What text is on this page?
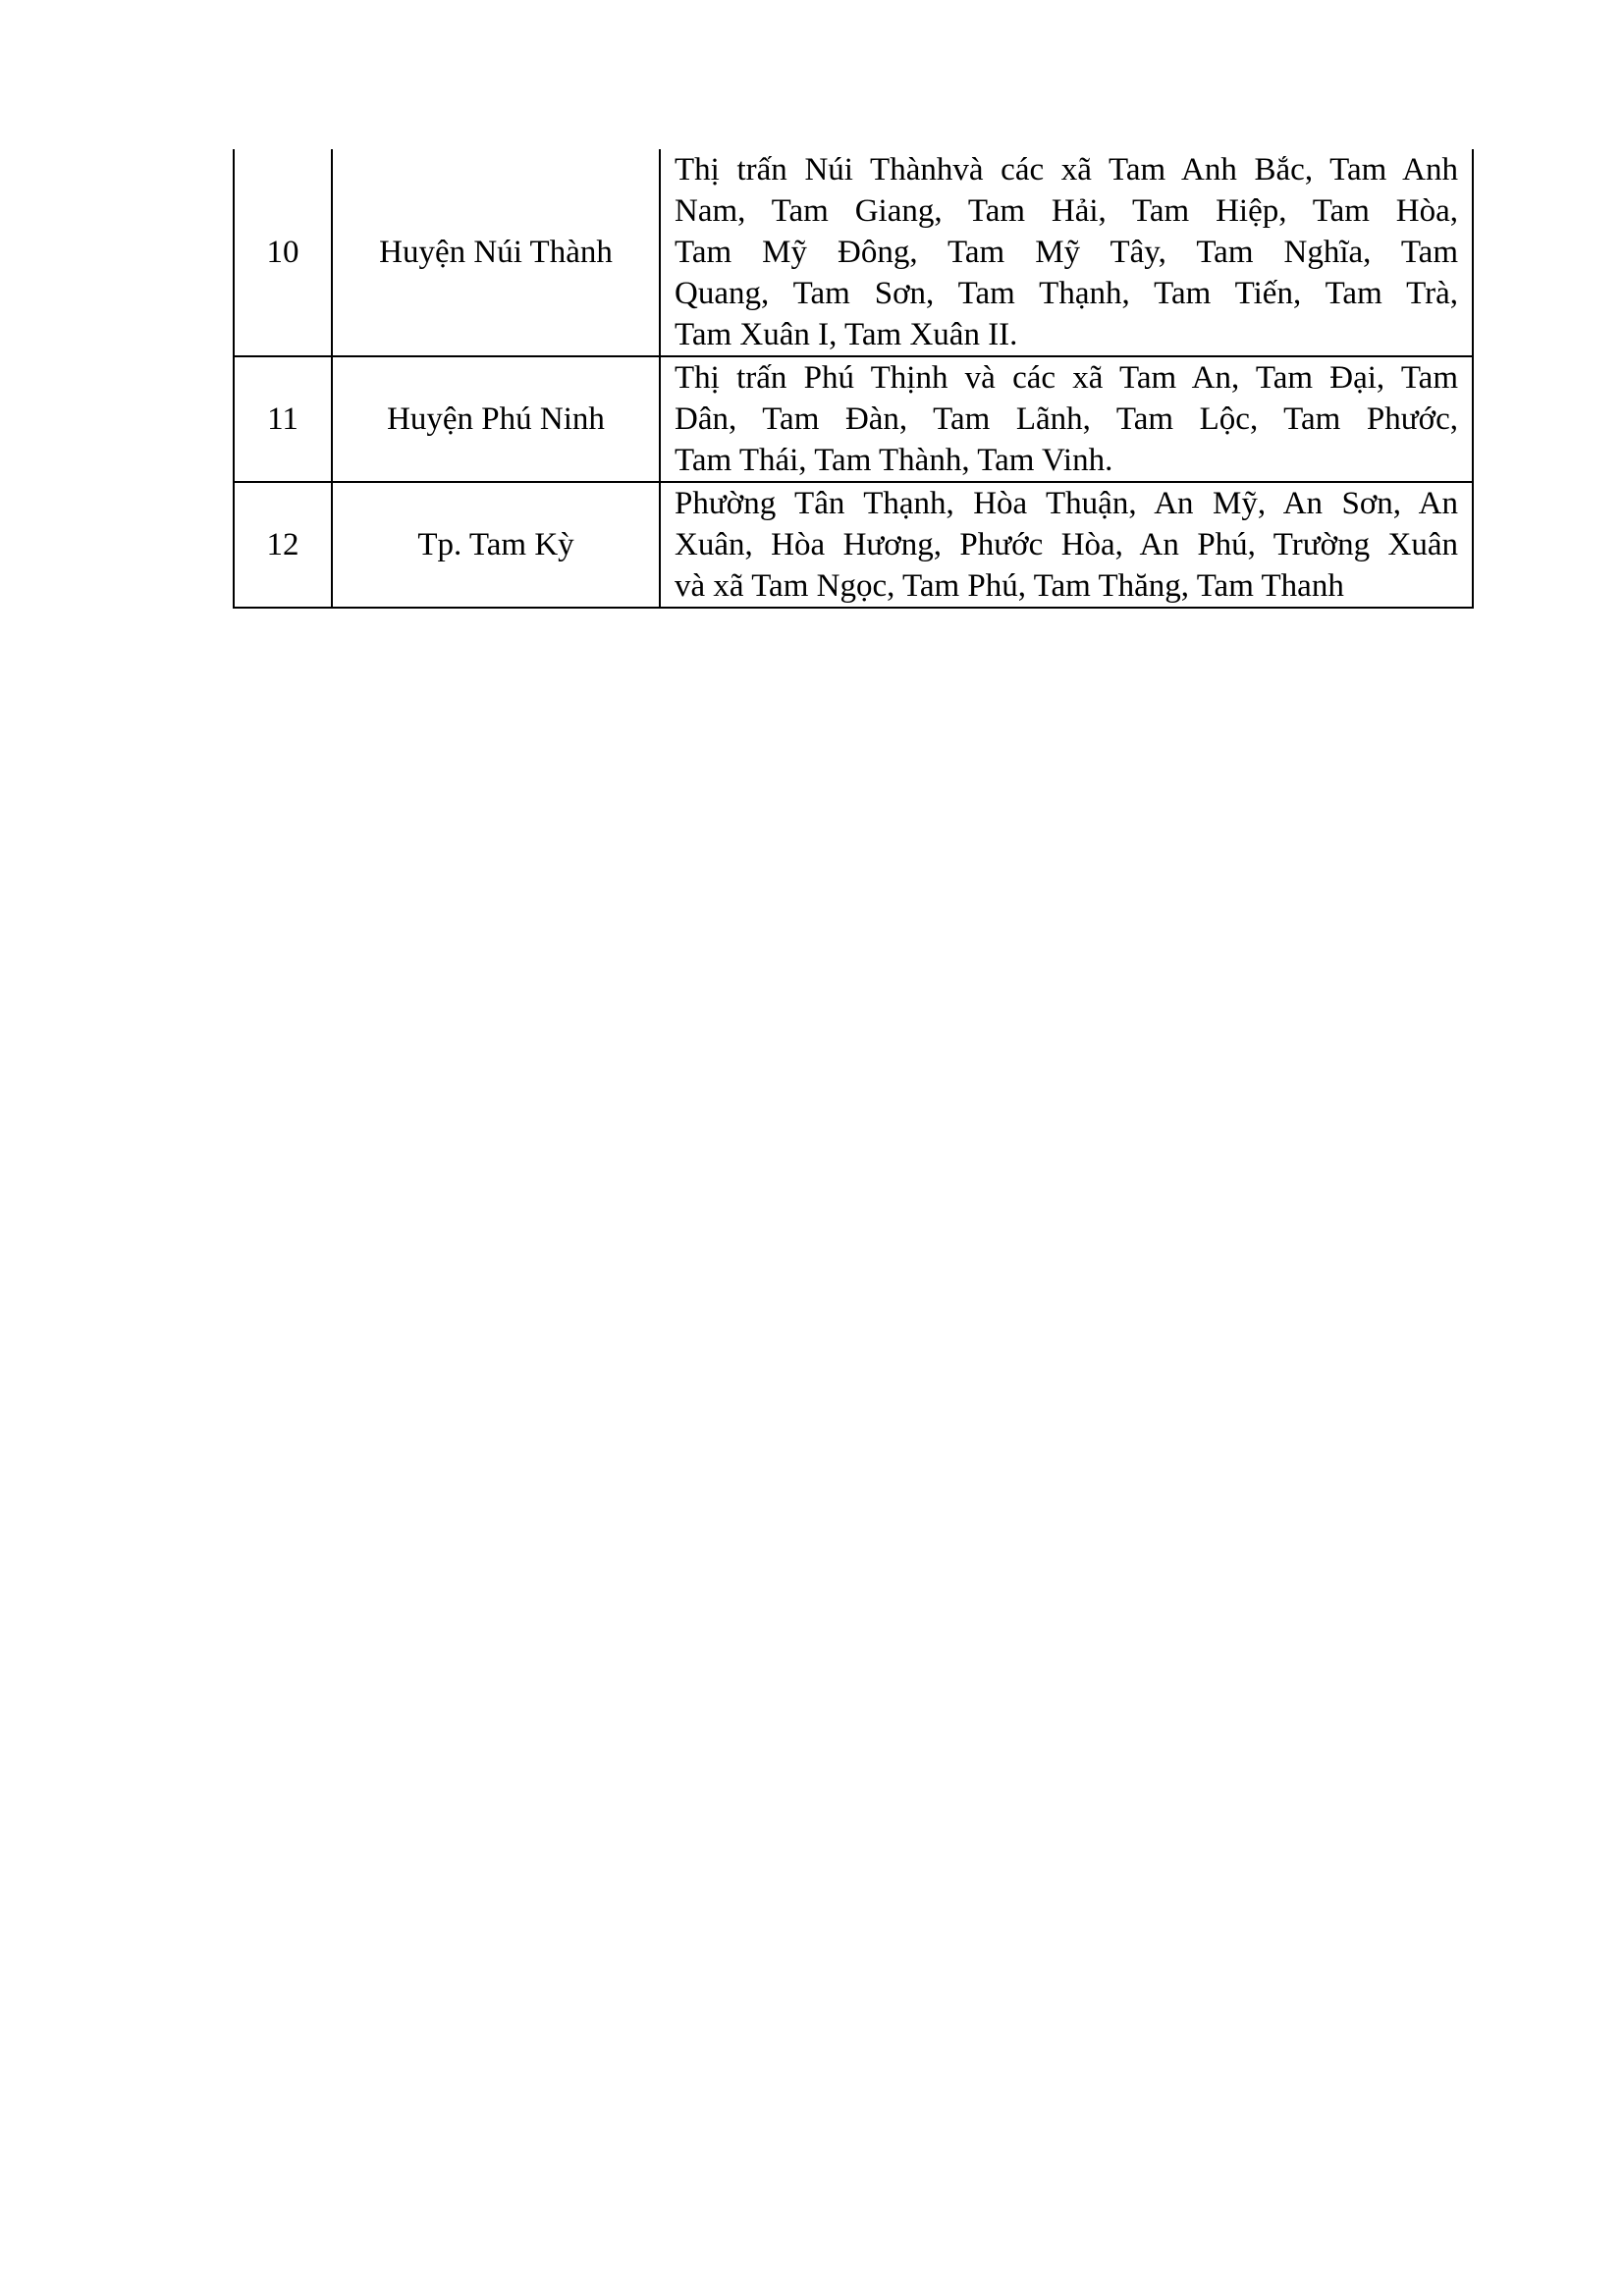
10	Huyện Núi Thành	Thị trấn Núi Thànhvà các xã Tam Anh Bắc, Tam Anh
Nam, Tam Giang, Tam Hải, Tam Hiệp, Tam Hòa,
Tam Mỹ Đông, Tam Mỹ Tây, Tam Nghĩa, Tam
Quang, Tam Sơn, Tam Thạnh, Tam Tiến, Tam Trà,
Tam Xuân I, Tam Xuân II.

11	Huyện Phú Ninh	Thị trấn Phú Thịnh và các xã Tam An, Tam Đại, Tam
Dân, Tam Đàn, Tam Lãnh, Tam Lộc, Tam Phước,
Tam Thái, Tam Thành, Tam Vinh.

12	Tp. Tam Kỳ	Phường Tân Thạnh, Hòa Thuận, An Mỹ, An Sơn, An
Xuân, Hòa Hương, Phước Hòa, An Phú, Trường Xuân
và xã Tam Ngọc, Tam Phú, Tam Thăng, Tam Thanh
